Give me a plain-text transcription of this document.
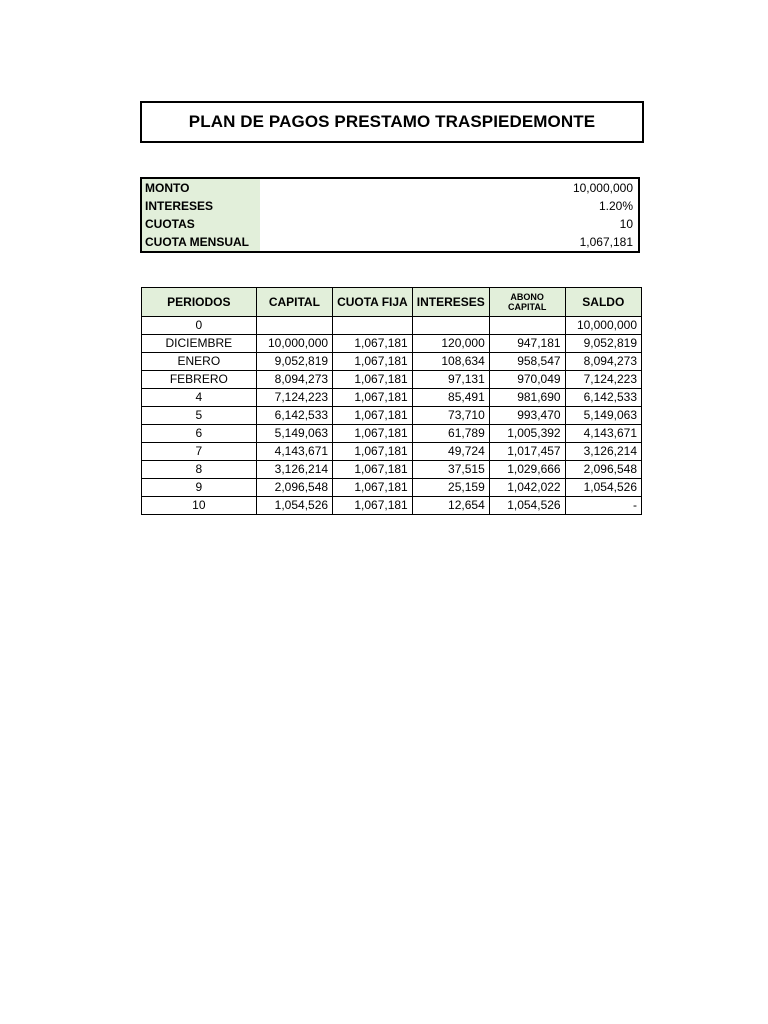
PLAN DE PAGOS PRESTAMO TRASPIEDEMONTE
MONTO	10,000,000
INTERESES	1.20%
CUOTAS	10
CUOTA MENSUAL	1,067,181
PERIODOS	CAPITAL	CUOTA FIJA	INTERESES	ABONO CAPITAL	SALDO
0					10,000,000
DICIEMBRE	10,000,000	1,067,181	120,000	947,181	9,052,819
ENERO	9,052,819	1,067,181	108,634	958,547	8,094,273
FEBRERO	8,094,273	1,067,181	97,131	970,049	7,124,223
4	7,124,223	1,067,181	85,491	981,690	6,142,533
5	6,142,533	1,067,181	73,710	993,470	5,149,063
6	5,149,063	1,067,181	61,789	1,005,392	4,143,671
7	4,143,671	1,067,181	49,724	1,017,457	3,126,214
8	3,126,214	1,067,181	37,515	1,029,666	2,096,548
9	2,096,548	1,067,181	25,159	1,042,022	1,054,526
10	1,054,526	1,067,181	12,654	1,054,526	-
